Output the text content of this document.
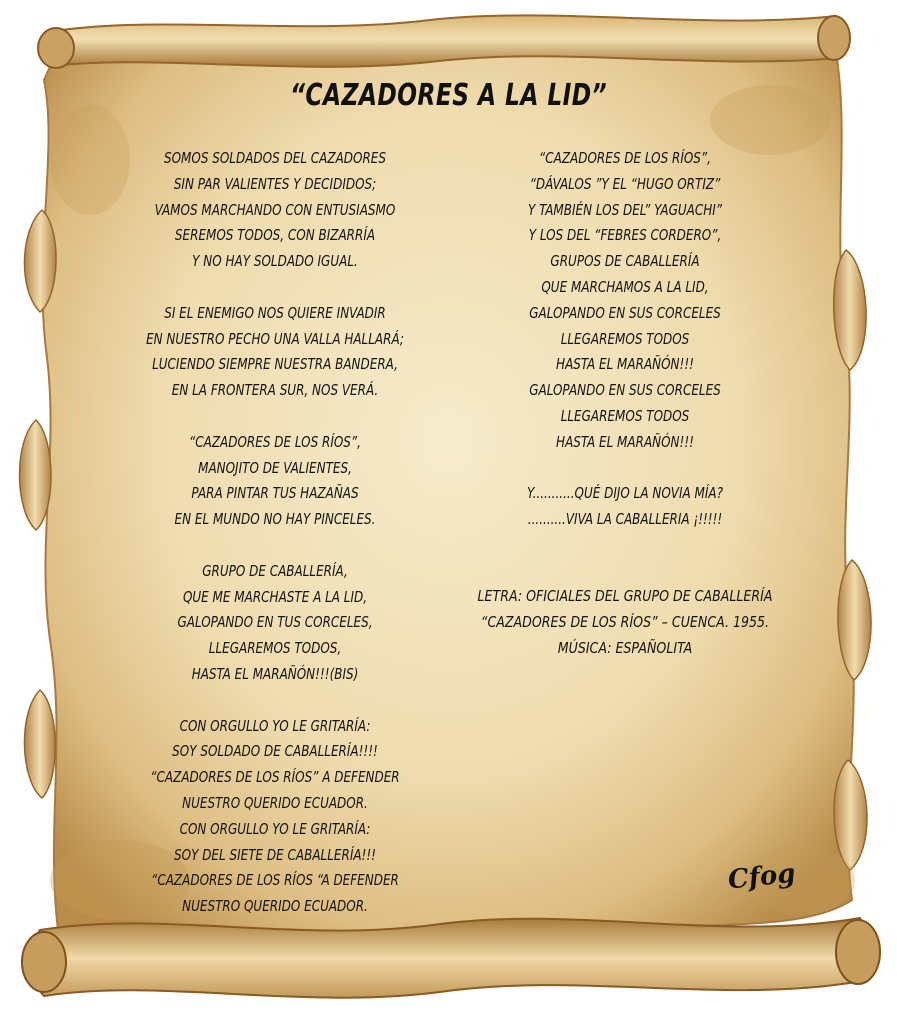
“CAZADORES A LA LID”
SOMOS SOLDADOS DEL CAZADORES
SIN PAR VALIENTES Y DECIDIDOS;
VAMOS MARCHANDO CON ENTUSIASMO
SEREMOS TODOS, CON BIZARRÍA
Y NO HAY SOLDADO IGUAL.
SI EL ENEMIGO NOS QUIERE INVADIR
EN NUESTRO PECHO UNA VALLA HALLARÁ;
LUCIENDO SIEMPRE NUESTRA BANDERA,
EN LA FRONTERA SUR, NOS VERÁ.
“CAZADORES DE LOS RÍOS”,
MANOJITO DE VALIENTES,
PARA PINTAR TUS HAZAÑAS
EN EL MUNDO NO HAY PINCELES.
GRUPO DE CABALLERÍA,
QUE ME MARCHASTE A LA LID,
GALOPANDO EN TUS CORCELES,
LLEGAREMOS TODOS,
HASTA EL MARAÑÓN!!!(BIS)
CON ORGULLO YO LE GRITARÍA:
SOY SOLDADO DE CABALLERÍA!!!!
“CAZADORES DE LOS RÍOS” A DEFENDER
NUESTRO QUERIDO ECUADOR.
CON ORGULLO YO LE GRITARÍA:
SOY DEL SIETE DE CABALLERÍA!!!
“CAZADORES DE LOS RÍOS “A DEFENDER
NUESTRO QUERIDO ECUADOR.
“CAZADORES DE LOS RÍOS”,
“DÁVALOS ”Y EL “HUGO ORTIZ”
Y TAMBIÉN LOS DEL” YAGUACHI”
Y LOS DEL “FEBRES CORDERO”,
GRUPOS DE CABALLERÍA
QUE MARCHAMOS A LA LID,
GALOPANDO EN SUS CORCELES
LLEGAREMOS TODOS
HASTA EL MARAÑÓN!!!
GALOPANDO EN SUS CORCELES
LLEGAREMOS TODOS
HASTA EL MARAÑÓN!!!
Y...........QUÉ DIJO LA NOVIA MÍA?
..........VIVA LA CABALLERIA ¡!!!!!
LETRA: OFICIALES DEL GRUPO DE CABALLERÍA
“CAZADORES DE LOS RÍOS” – CUENCA. 1955.
MÚSICA: ESPAÑOLITA
Cfog
